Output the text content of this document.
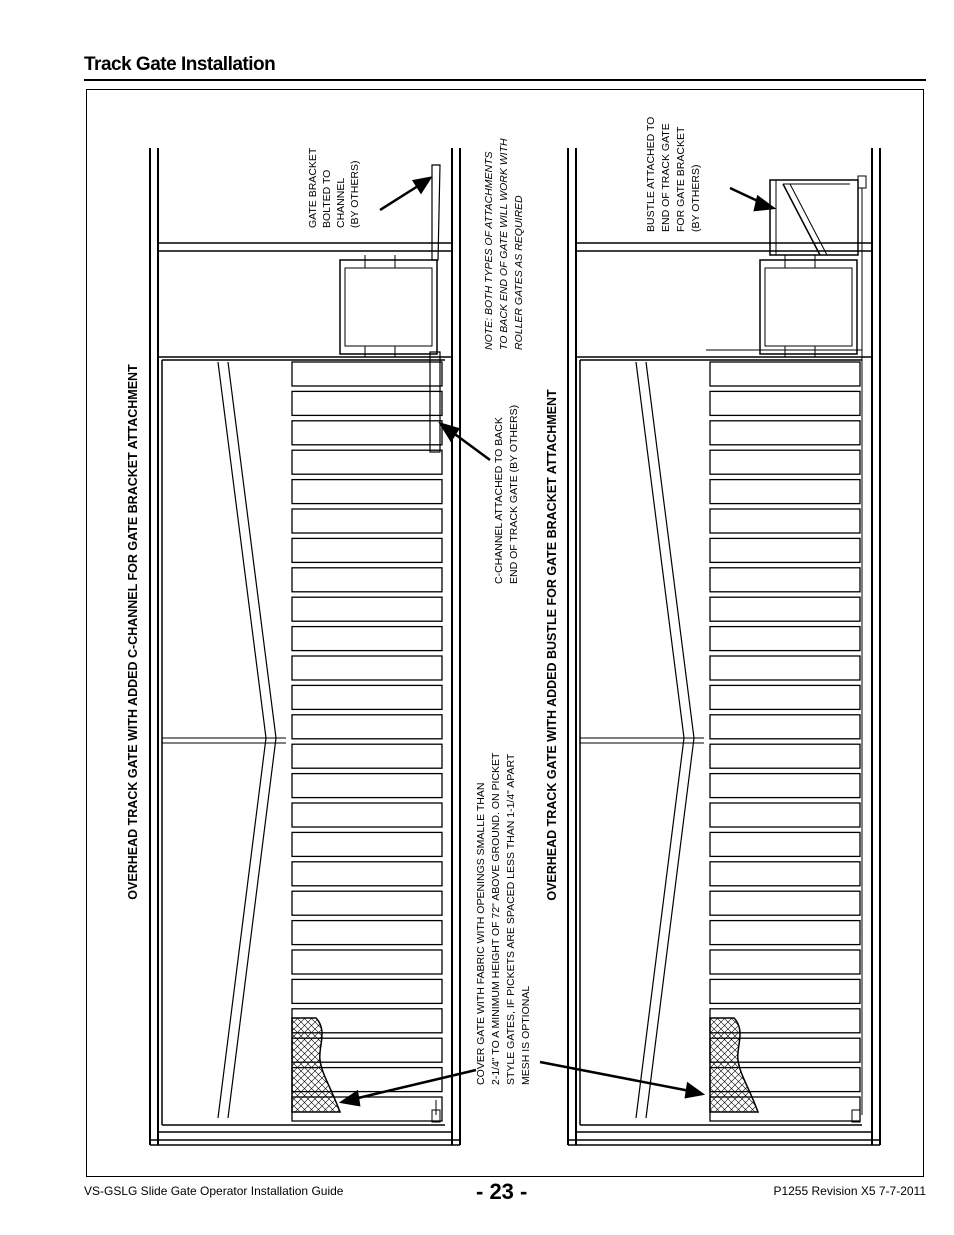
Track Gate Installation
OVERHEAD TRACK GATE WITH ADDED C-CHANNEL FOR GATE BRACKET ATTACHMENT	OVERHEAD TRACK GATE WITH ADDED BUSTLE FOR GATE BRACKET ATTACHMENT
GATE BRACKET BOLTED TO CHANNEL (BY OTHERS)	NOTE: BOTH TYPES OF ATTACHMENTS TO BACK END OF GATE WILL WORK WITH ROLLER GATES AS REQUIRED
C-CHANNEL ATTACHED TO BACK END OF TRACK GATE (BY OTHERS)
BUSTLE ATTACHED TO END OF TRACK GATE FOR GATE BRACKET (BY OTHERS)
COVER GATE WITH FABRIC WITH OPENINGS SMALLE THAN 2-1/4" TO A MINIMUM HEIGHT OF 72" ABOVE GROUND. ON PICKET STYLE GATES, IF PICKETS ARE SPACED LESS THAN 1-1/4" APART MESH IS OPTIONAL
VS-GSLG Slide Gate Operator Installation Guide	- 23 -	P1255 Revision X5 7-7-2011
